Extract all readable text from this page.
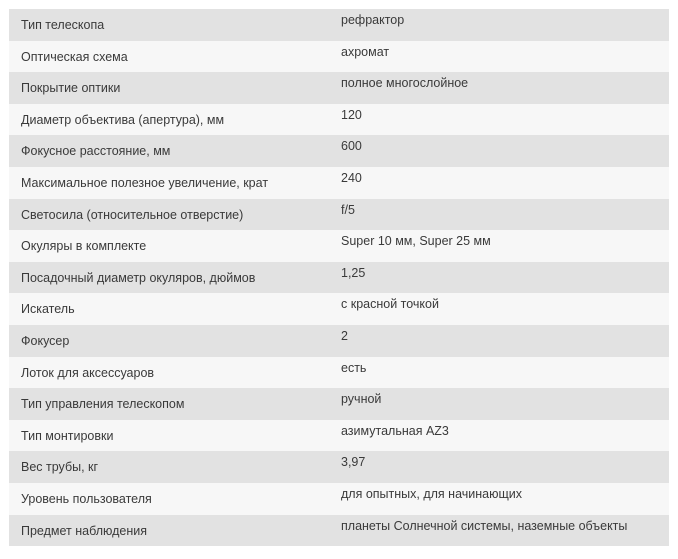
Тип телескопа	рефрактор
Оптическая схема	ахромат
Покрытие оптики	полное многослойное
Диаметр объектива (апертура), мм	120
Фокусное расстояние, мм	600
Максимальное полезное увеличение, крат	240
Светосила (относительное отверстие)	f/5
Окуляры в комплекте	Super 10 мм, Super 25 мм
Посадочный диаметр окуляров, дюймов	1,25
Искатель	с красной точкой
Фокусер	2
Лоток для аксессуаров	есть
Тип управления телескопом	ручной
Тип монтировки	азимутальная AZ3
Вес трубы, кг	3,97
Уровень пользователя	для опытных, для начинающих
Предмет наблюдения	планеты Солнечной системы, наземные объекты
